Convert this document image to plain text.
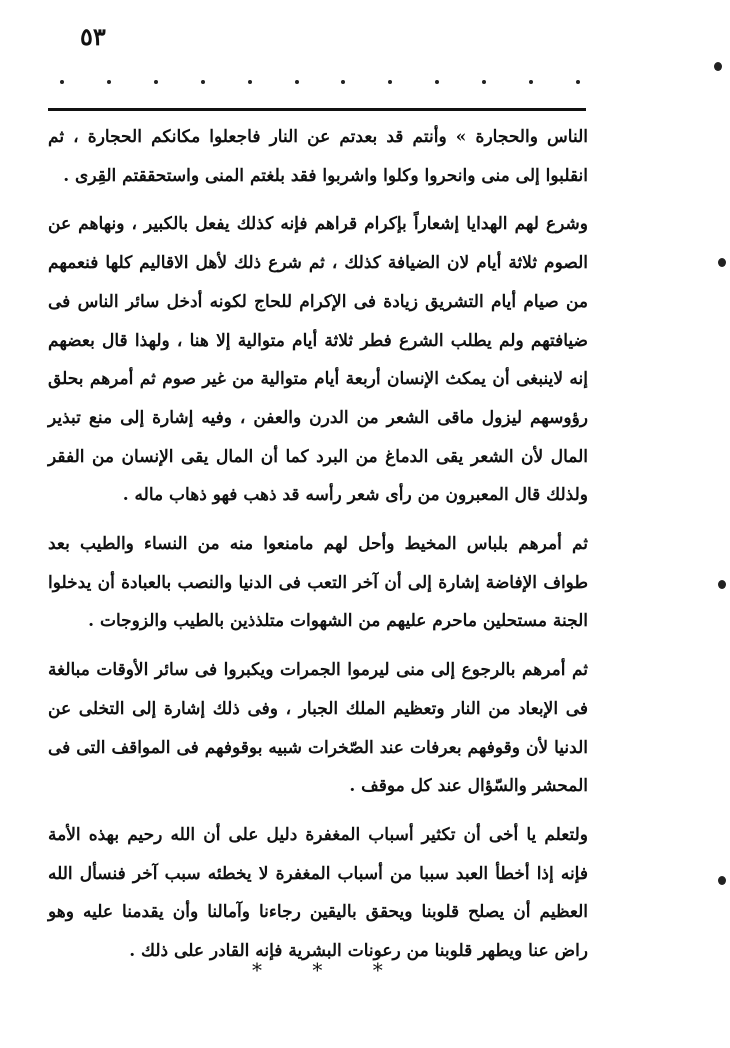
٥٣

الناس والحجارة » وأنتم قد بعدتم عن النار فاجعلوا مكانكم الحجارة ، ثم انقلبوا إلى منى وانحروا وكلوا واشربوا فقد بلغتم المنى واستحققتم القِرى .

وشرع لهم الهدايا إشعاراً بإكرام قراهم فإنه كذلك يفعل بالكبير ، ونهاهم عن الصوم ثلاثة أيام لان الضيافة كذلك ، ثم شرع ذلك لأهل الاقاليم كلها فنعمهم من صيام أيام التشريق زيادة فى الإكرام للحاج لكونه أدخل سائر الناس فى ضيافتهم ولم يطلب الشرع فطر ثلاثة أيام متوالية إلا هنا ، ولهذا قال بعضهم إنه لاينبغى أن يمكث الإنسان أربعة أيام متوالية من غير صوم ثم أمرهم بحلق رؤوسهم ليزول ماقى الشعر من الدرن والعفن ، وفيه إشارة إلى منع تبذير المال لأن الشعر يقى الدماغ من البرد كما أن المال يقى الإنسان من الفقر ولذلك قال المعبرون من رأى شعر رأسه قد ذهب فهو ذهاب ماله .

ثم أمرهم بلباس المخيط وأحل لهم مامنعوا منه من النساء والطيب بعد طواف الإفاضة إشارة إلى أن آخر التعب فى الدنيا والنصب بالعبادة أن يدخلوا الجنة مستحلين ماحرم عليهم من الشهوات متلذذين بالطيب والزوجات .

ثم أمرهم بالرجوع إلى منى ليرموا الجمرات ويكبروا فى سائر الأوقات مبالغة فى الإبعاد من النار وتعظيم الملك الجبار ، وفى ذلك إشارة إلى التخلى عن الدنيا لأن وقوفهم بعرفات عند الصّخرات شبيه بوقوفهم فى المواقف التى فى المحشر والسّؤال عند كل موقف .

ولتعلم يا أخى أن تكثير أسباب المغفرة دليل على أن الله رحيم بهذه الأمة فإنه إذا أخطأ العبد سببا من أسباب المغفرة لا يخطئه سبب آخر فنسأل الله العظيم أن يصلح قلوبنا ويحقق باليقين رجاءنا وآمالنا وأن يقدمنا عليه وهو راض عنا ويطهر قلوبنا من رعونات البشرية فإنه القادر على ذلك .

* * *
